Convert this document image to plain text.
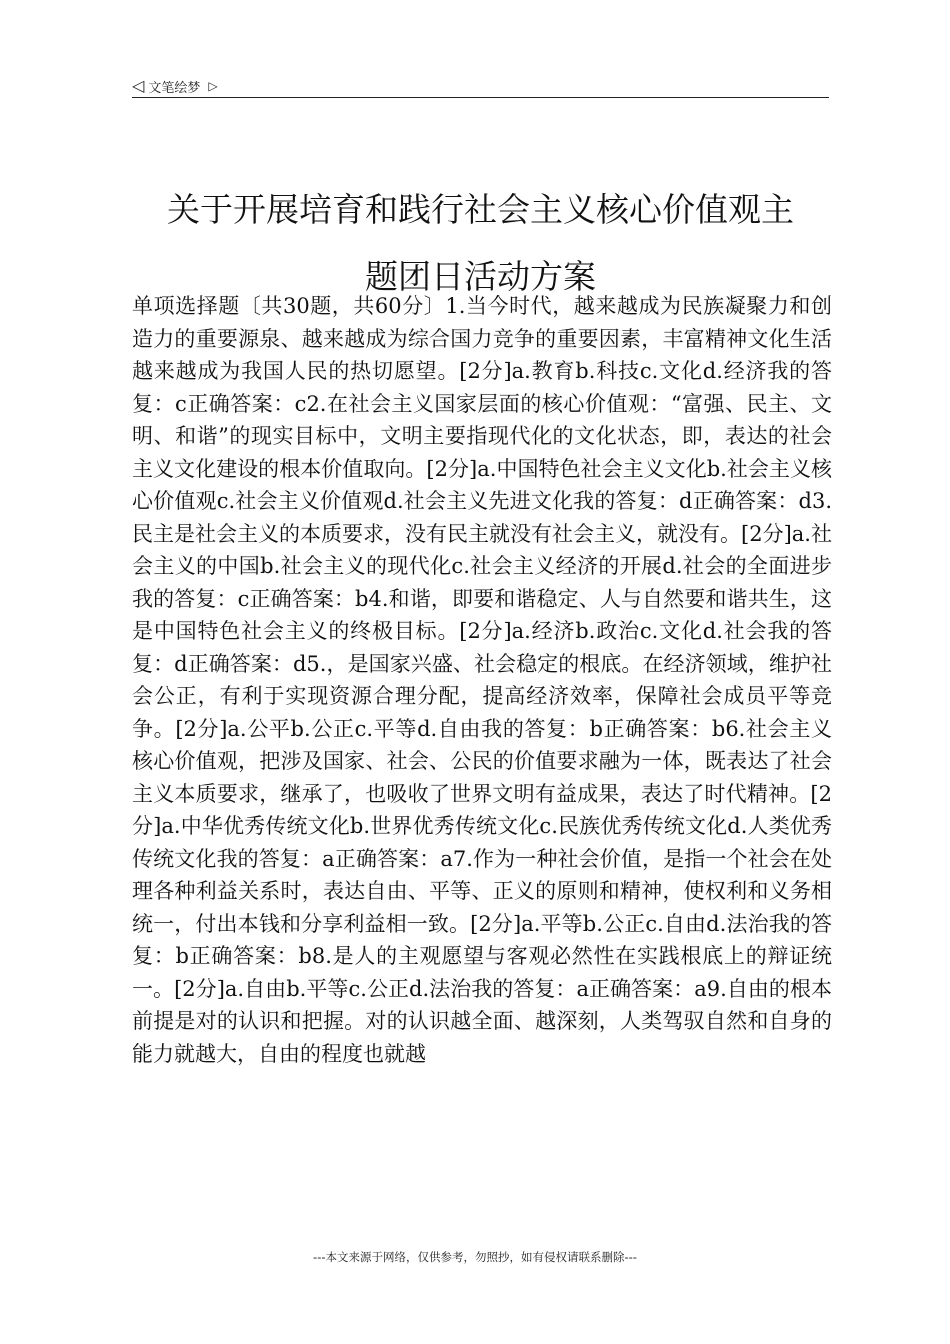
◁ 文笔绘梦 ▷
关于开展培育和践行社会主义核心价值观主
题团日活动方案

单项选择题〔共30题，共60分〕1.当今时代，越来越成为民族凝聚力和创造力的重要源泉、越来越成为综合国力竞争的重要因素，丰富精神文化生活越来越成为我国人民的热切愿望。[2分]a.教育b.科技c.文化d.经济我的答复：c正确答案：c2.在社会主义国家层面的核心价值观：“富强、民主、文明、和谐”的现实目标中，文明主要指现代化的文化状态，即，表达的社会主义文化建设的根本价值取向。[2分]a.中国特色社会主义文化b.社会主义核心价值观c.社会主义价值观d.社会主义先进文化我的答复：d正确答案：d3.民主是社会主义的本质要求，没有民主就没有社会主义，就没有。[2分]a.社会主义的中国b.社会主义的现代化c.社会主义经济的开展d.社会的全面进步我的答复：c正确答案：b4.和谐，即要和谐稳定、人与自然要和谐共生，这是中国特色社会主义的终极目标。[2分]a.经济b.政治c.文化d.社会我的答复：d正确答案：d5.，是国家兴盛、社会稳定的根底。在经济领域，维护社会公正，有利于实现资源合理分配，提高经济效率，保障社会成员平等竞争。[2分]a.公平b.公正c.平等d.自由我的答复：b正确答案：b6.社会主义核心价值观，把涉及国家、社会、公民的价值要求融为一体，既表达了社会主义本质要求，继承了，也吸收了世界文明有益成果，表达了时代精神。[2分]a.中华优秀传统文化b.世界优秀传统文化c.民族优秀传统文化d.人类优秀传统文化我的答复：a正确答案：a7.作为一种社会价值，是指一个社会在处理各种利益关系时，表达自由、平等、正义的原则和精神，使权利和义务相统一，付出本钱和分享利益相一致。[2分]a.平等b.公正c.自由d.法治我的答复：b正确答案：b8.是人的主观愿望与客观必然性在实践根底上的辩证统一。[2分]a.自由b.平等c.公正d.法治我的答复：a正确答案：a9.自由的根本前提是对的认识和把握。对的认识越全面、越深刻，人类驾驭自然和自身的能力就越大，自由的程度也就越

---本文来源于网络，仅供参考，勿照抄，如有侵权请联系删除---
